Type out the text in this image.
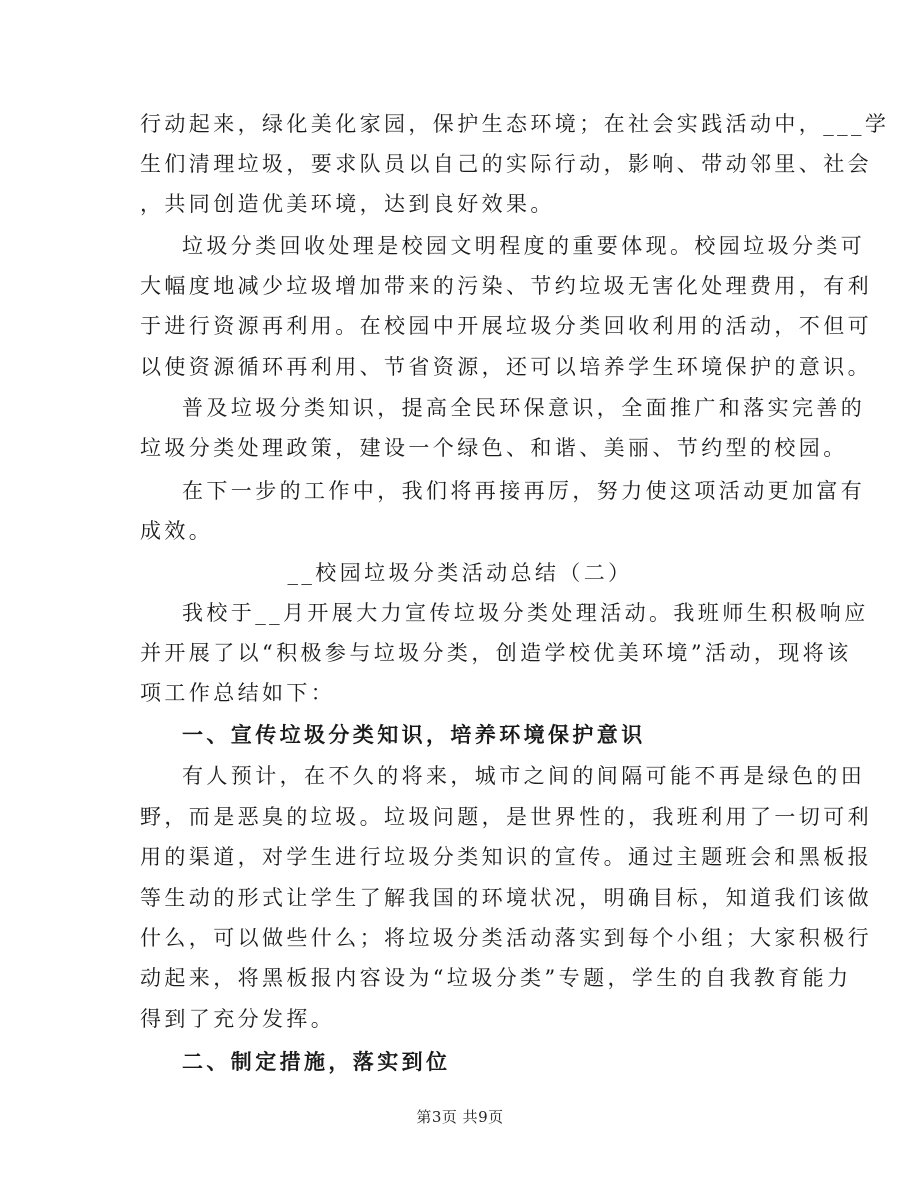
行动起来，绿化美化家园，保护生态环境；在社会实践活动中，___学
生们清理垃圾，要求队员以自己的实际行动，影响、带动邻里、社会
，共同创造优美环境，达到良好效果。
垃圾分类回收处理是校园文明程度的重要体现。校园垃圾分类可
大幅度地减少垃圾增加带来的污染、节约垃圾无害化处理费用，有利
于进行资源再利用。在校园中开展垃圾分类回收利用的活动，不但可
以使资源循环再利用、节省资源，还可以培养学生环境保护的意识。
普及垃圾分类知识，提高全民环保意识，全面推广和落实完善的
垃圾分类处理政策，建设一个绿色、和谐、美丽、节约型的校园。
在下一步的工作中，我们将再接再厉，努力使这项活动更加富有
成效。
__校园垃圾分类活动总结（二）
我校于__月开展大力宣传垃圾分类处理活动。我班师生积极响应
并开展了以“积极参与垃圾分类，创造学校优美环境”活动，现将该
项工作总结如下：
一、宣传垃圾分类知识，培养环境保护意识
有人预计，在不久的将来，城市之间的间隔可能不再是绿色的田
野，而是恶臭的垃圾。垃圾问题，是世界性的，我班利用了一切可利
用的渠道，对学生进行垃圾分类知识的宣传。通过主题班会和黑板报
等生动的形式让学生了解我国的环境状况，明确目标，知道我们该做
什么，可以做些什么；将垃圾分类活动落实到每个小组；大家积极行
动起来，将黑板报内容设为“垃圾分类”专题，学生的自我教育能力
得到了充分发挥。
二、制定措施，落实到位
第3页 共9页
